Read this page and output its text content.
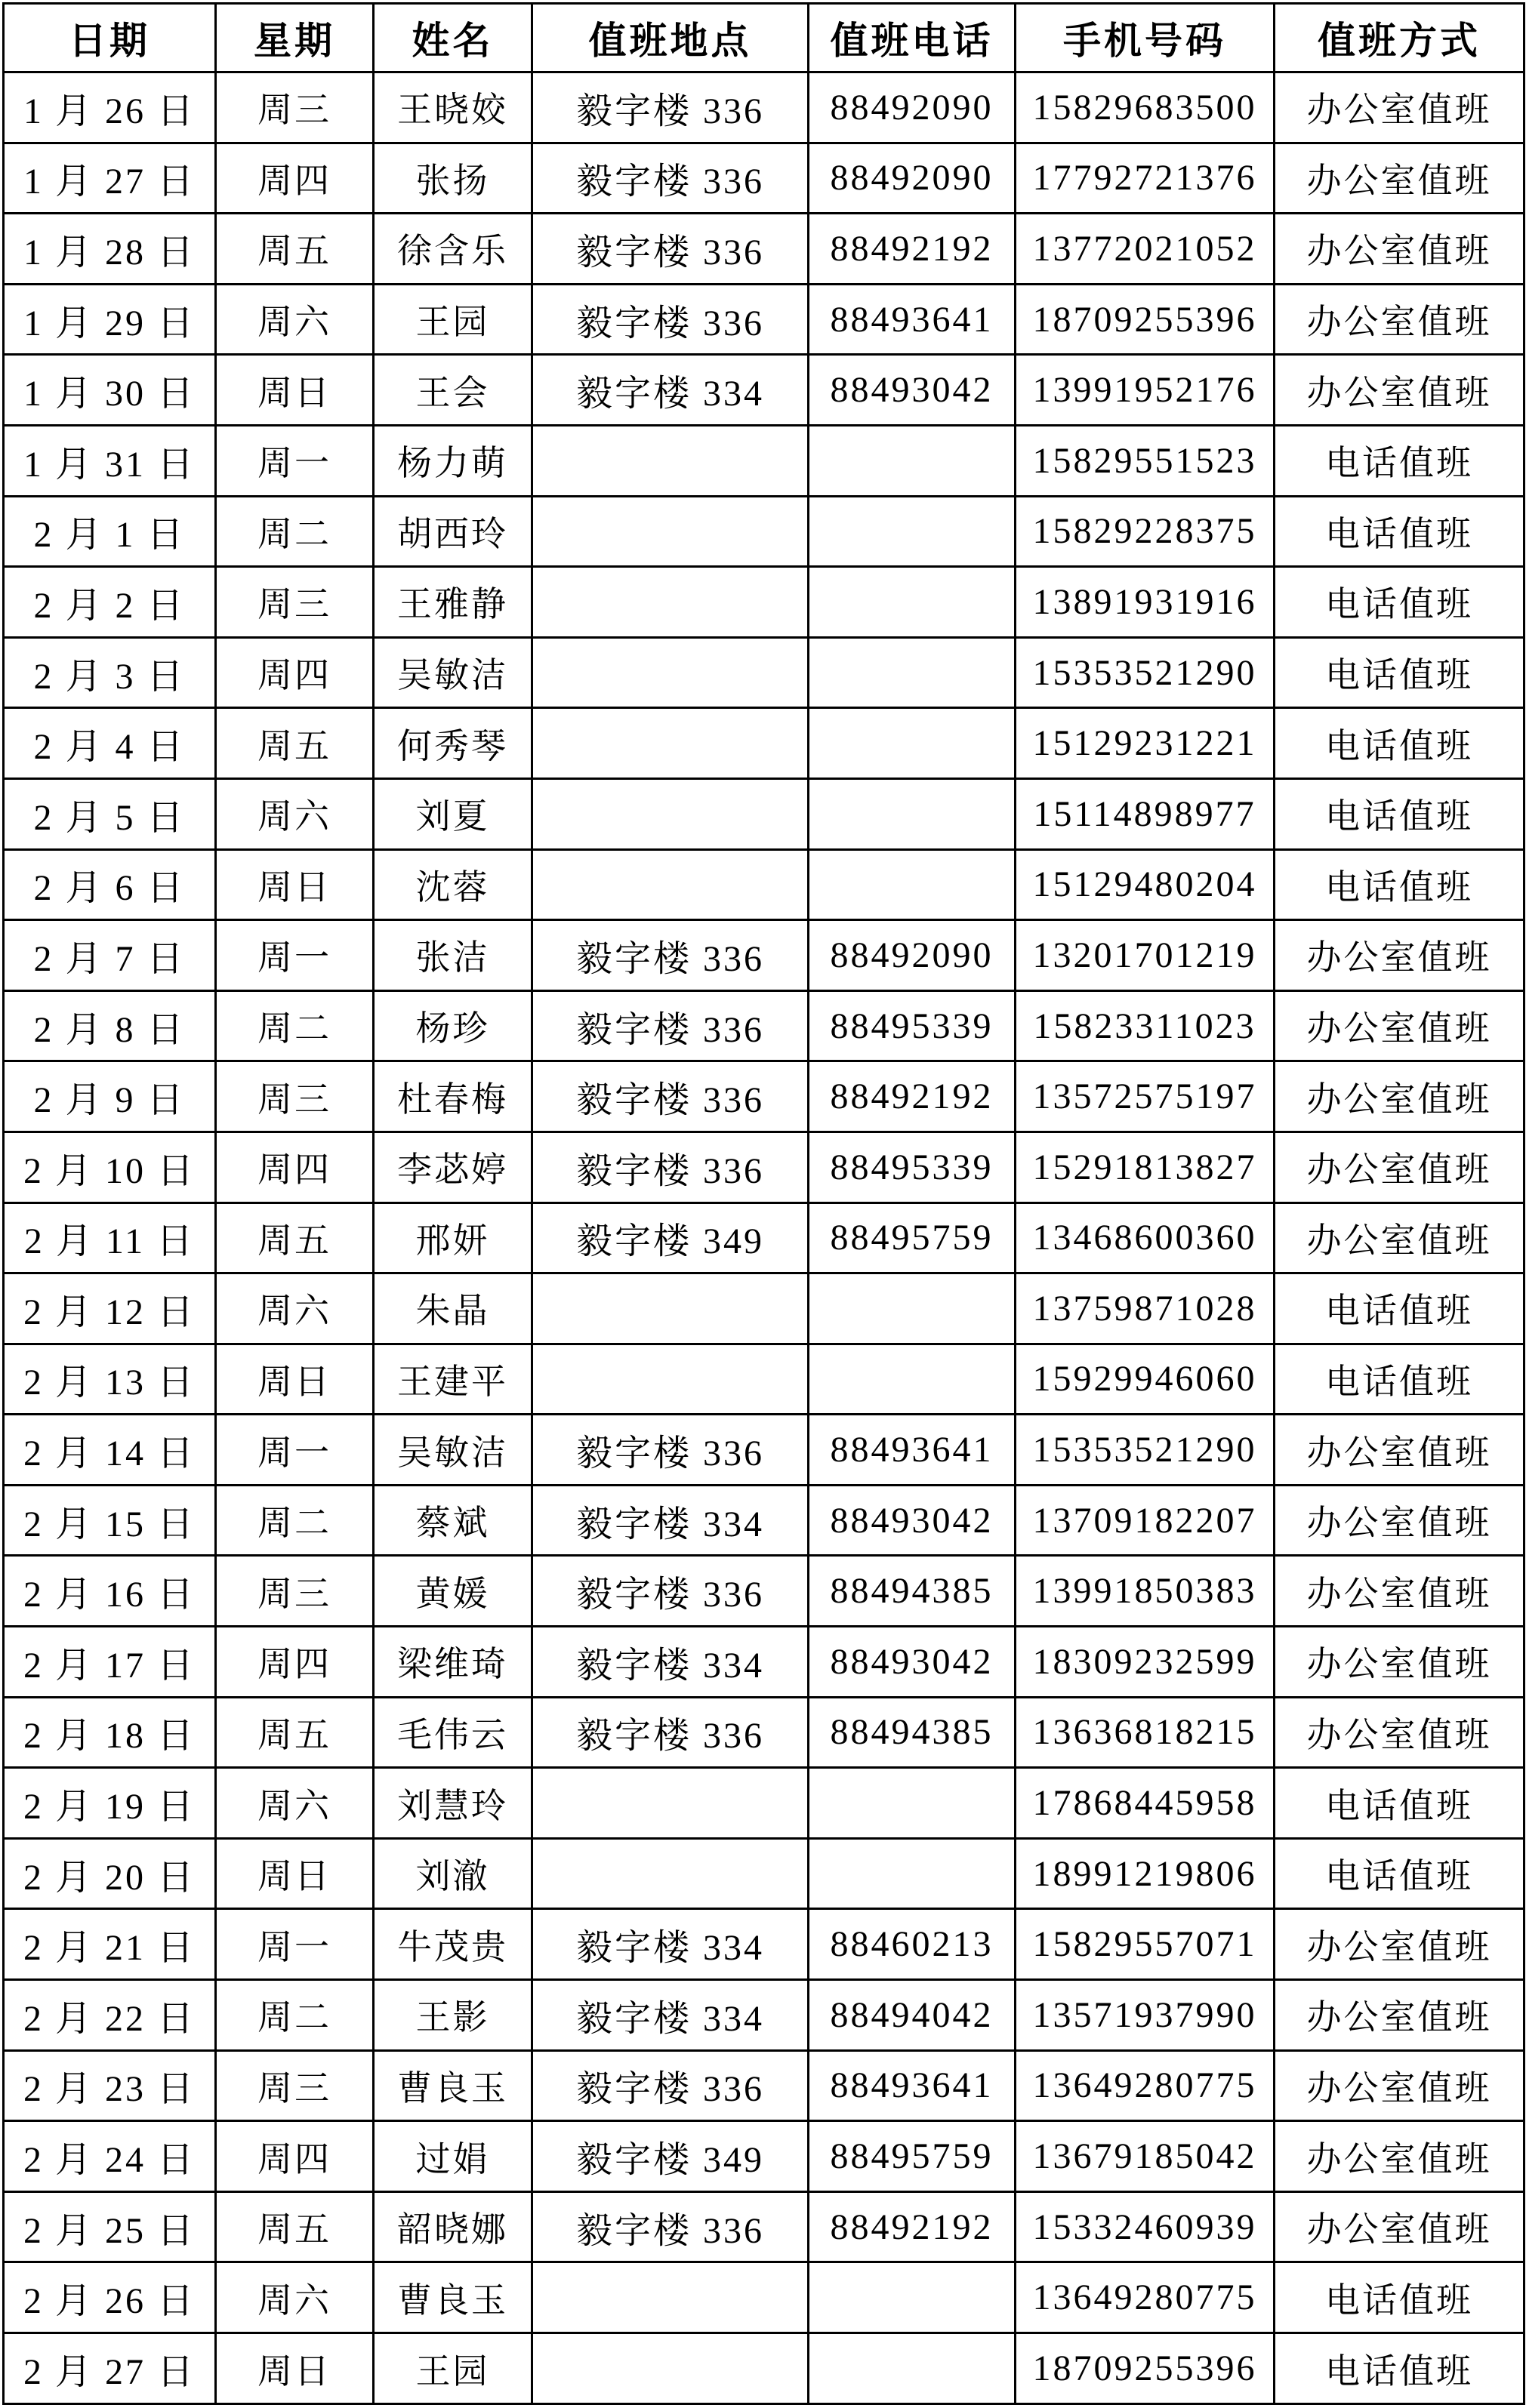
日期	星期	姓名	值班地点	值班电话	手机号码	值班方式
1 月 26 日	周三	王晓姣	毅字楼 336	88492090	15829683500	办公室值班
1 月 27 日	周四	张扬	毅字楼 336	88492090	17792721376	办公室值班
1 月 28 日	周五	徐含乐	毅字楼 336	88492192	13772021052	办公室值班
1 月 29 日	周六	王园	毅字楼 336	88493641	18709255396	办公室值班
1 月 30 日	周日	王会	毅字楼 334	88493042	13991952176	办公室值班
1 月 31 日	周一	杨力萌			15829551523	电话值班
2 月 1 日	周二	胡西玲			15829228375	电话值班
2 月 2 日	周三	王雅静			13891931916	电话值班
2 月 3 日	周四	吴敏洁			15353521290	电话值班
2 月 4 日	周五	何秀琴			15129231221	电话值班
2 月 5 日	周六	刘夏			15114898977	电话值班
2 月 6 日	周日	沈蓉			15129480204	电话值班
2 月 7 日	周一	张洁	毅字楼 336	88492090	13201701219	办公室值班
2 月 8 日	周二	杨珍	毅字楼 336	88495339	15823311023	办公室值班
2 月 9 日	周三	杜春梅	毅字楼 336	88492192	13572575197	办公室值班
2 月 10 日	周四	李苾婷	毅字楼 336	88495339	15291813827	办公室值班
2 月 11 日	周五	邢妍	毅字楼 349	88495759	13468600360	办公室值班
2 月 12 日	周六	朱晶			13759871028	电话值班
2 月 13 日	周日	王建平			15929946060	电话值班
2 月 14 日	周一	吴敏洁	毅字楼 336	88493641	15353521290	办公室值班
2 月 15 日	周二	蔡斌	毅字楼 334	88493042	13709182207	办公室值班
2 月 16 日	周三	黄媛	毅字楼 336	88494385	13991850383	办公室值班
2 月 17 日	周四	梁维琦	毅字楼 334	88493042	18309232599	办公室值班
2 月 18 日	周五	毛伟云	毅字楼 336	88494385	13636818215	办公室值班
2 月 19 日	周六	刘慧玲			17868445958	电话值班
2 月 20 日	周日	刘澈			18991219806	电话值班
2 月 21 日	周一	牛茂贵	毅字楼 334	88460213	15829557071	办公室值班
2 月 22 日	周二	王影	毅字楼 334	88494042	13571937990	办公室值班
2 月 23 日	周三	曹良玉	毅字楼 336	88493641	13649280775	办公室值班
2 月 24 日	周四	过娟	毅字楼 349	88495759	13679185042	办公室值班
2 月 25 日	周五	韶晓娜	毅字楼 336	88492192	15332460939	办公室值班
2 月 26 日	周六	曹良玉			13649280775	电话值班
2 月 27 日	周日	王园			18709255396	电话值班
